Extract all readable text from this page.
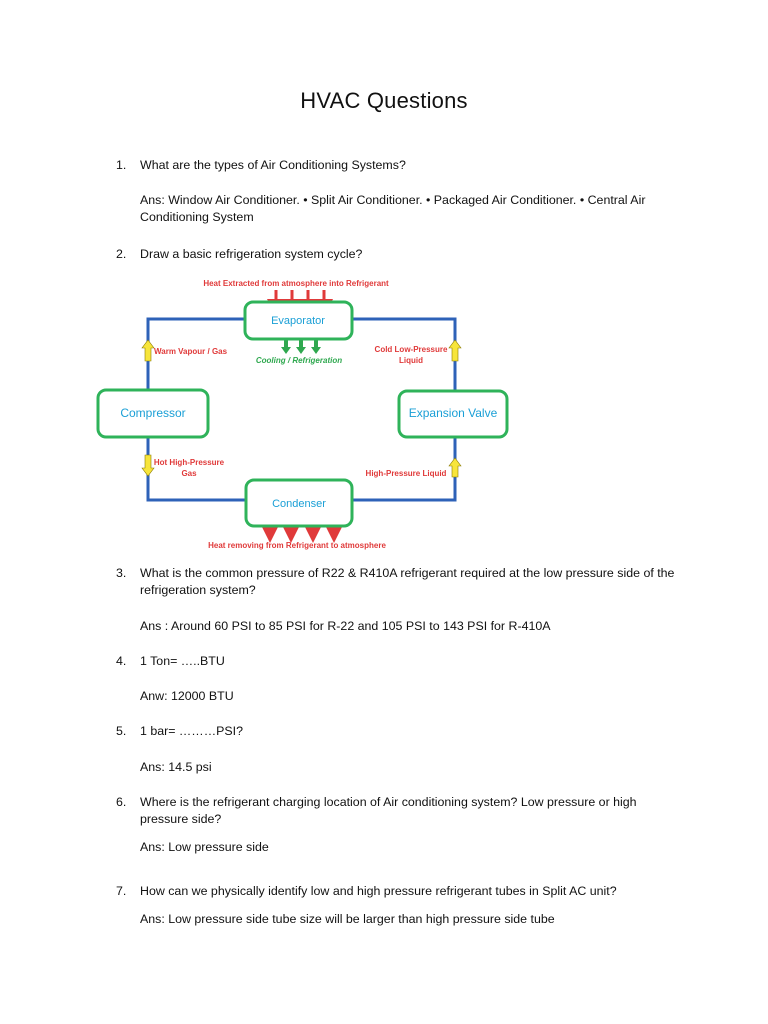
HVAC Questions
1.	What are the types of Air Conditioning Systems?
Ans: Window Air Conditioner. • Split Air Conditioner. • Packaged Air Conditioner. • Central Air Conditioning System
2.	Draw a basic refrigeration system cycle?
Evaporator
Compressor	Expansion Valve
Condenser
Heat Extracted from atmosphere into Refrigerant
Cooling / Refrigeration
Warm Vapour / Gas	Cold Low-Pressure
Liquid
Hot High-Pressure
Gas	High-Pressure Liquid
Heat removing from Refrigerant to atmosphere
3.	What is the common pressure of R22 & R410A refrigerant required at the low pressure side of the refrigeration system?
Ans : Around 60 PSI to 85 PSI for R-22 and 105 PSI to 143 PSI for R-410A
4.	1 Ton= …..BTU
Anw: 12000 BTU
5.	1 bar= ………PSI?
Ans: 14.5 psi
6.	Where is the refrigerant charging location of Air conditioning system? Low pressure or high pressure side?
Ans: Low pressure side
7.	How can we physically identify low and high pressure refrigerant tubes in Split AC unit?
Ans: Low pressure side tube size will be larger than high pressure side tube
